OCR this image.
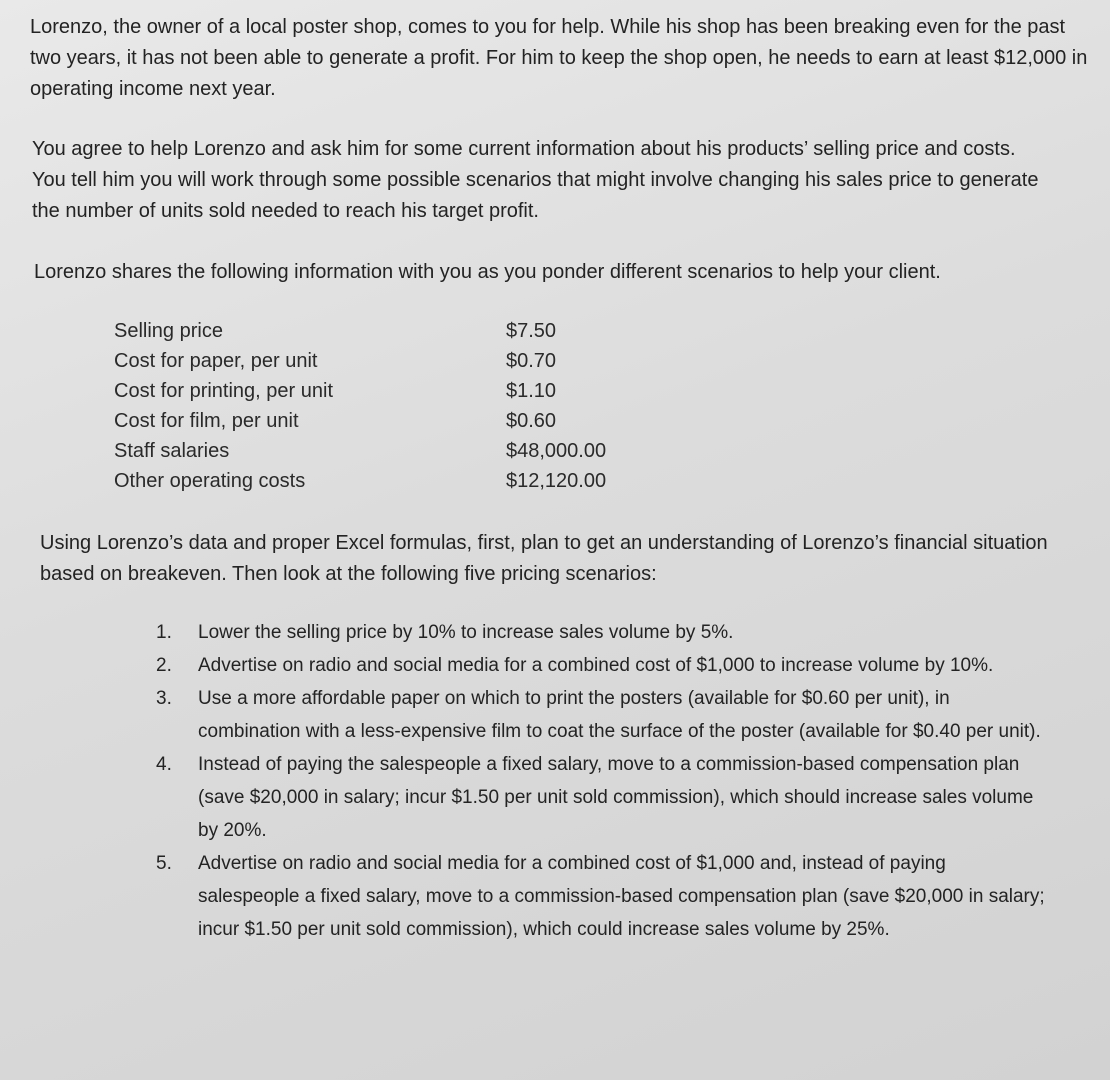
Lorenzo, the owner of a local poster shop, comes to you for help. While his shop has been breaking even for the past two years, it has not been able to generate a profit. For him to keep the shop open, he needs to earn at least $12,000 in operating income next year.

You agree to help Lorenzo and ask him for some current information about his products’ selling price and costs. You tell him you will work through some possible scenarios that might involve changing his sales price to generate the number of units sold needed to reach his target profit.

Lorenzo shares the following information with you as you ponder different scenarios to help your client.

Selling price	$7.50
Cost for paper, per unit	$0.70
Cost for printing, per unit	$1.10
Cost for film, per unit	$0.60
Staff salaries	$48,000.00
Other operating costs	$12,120.00

Using Lorenzo’s data and proper Excel formulas, first, plan to get an understanding of Lorenzo’s financial situation based on breakeven. Then look at the following five pricing scenarios:

1.	Lower the selling price by 10% to increase sales volume by 5%.
2.	Advertise on radio and social media for a combined cost of $1,000 to increase volume by 10%.
3.	Use a more affordable paper on which to print the posters (available for $0.60 per unit), in combination with a less-expensive film to coat the surface of the poster (available for $0.40 per unit).
4.	Instead of paying the salespeople a fixed salary, move to a commission-based compensation plan (save $20,000 in salary; incur $1.50 per unit sold commission), which should increase sales volume by 20%.
5.	Advertise on radio and social media for a combined cost of $1,000 and, instead of paying salespeople a fixed salary, move to a commission-based compensation plan (save $20,000 in salary; incur $1.50 per unit sold commission), which could increase sales volume by 25%.
